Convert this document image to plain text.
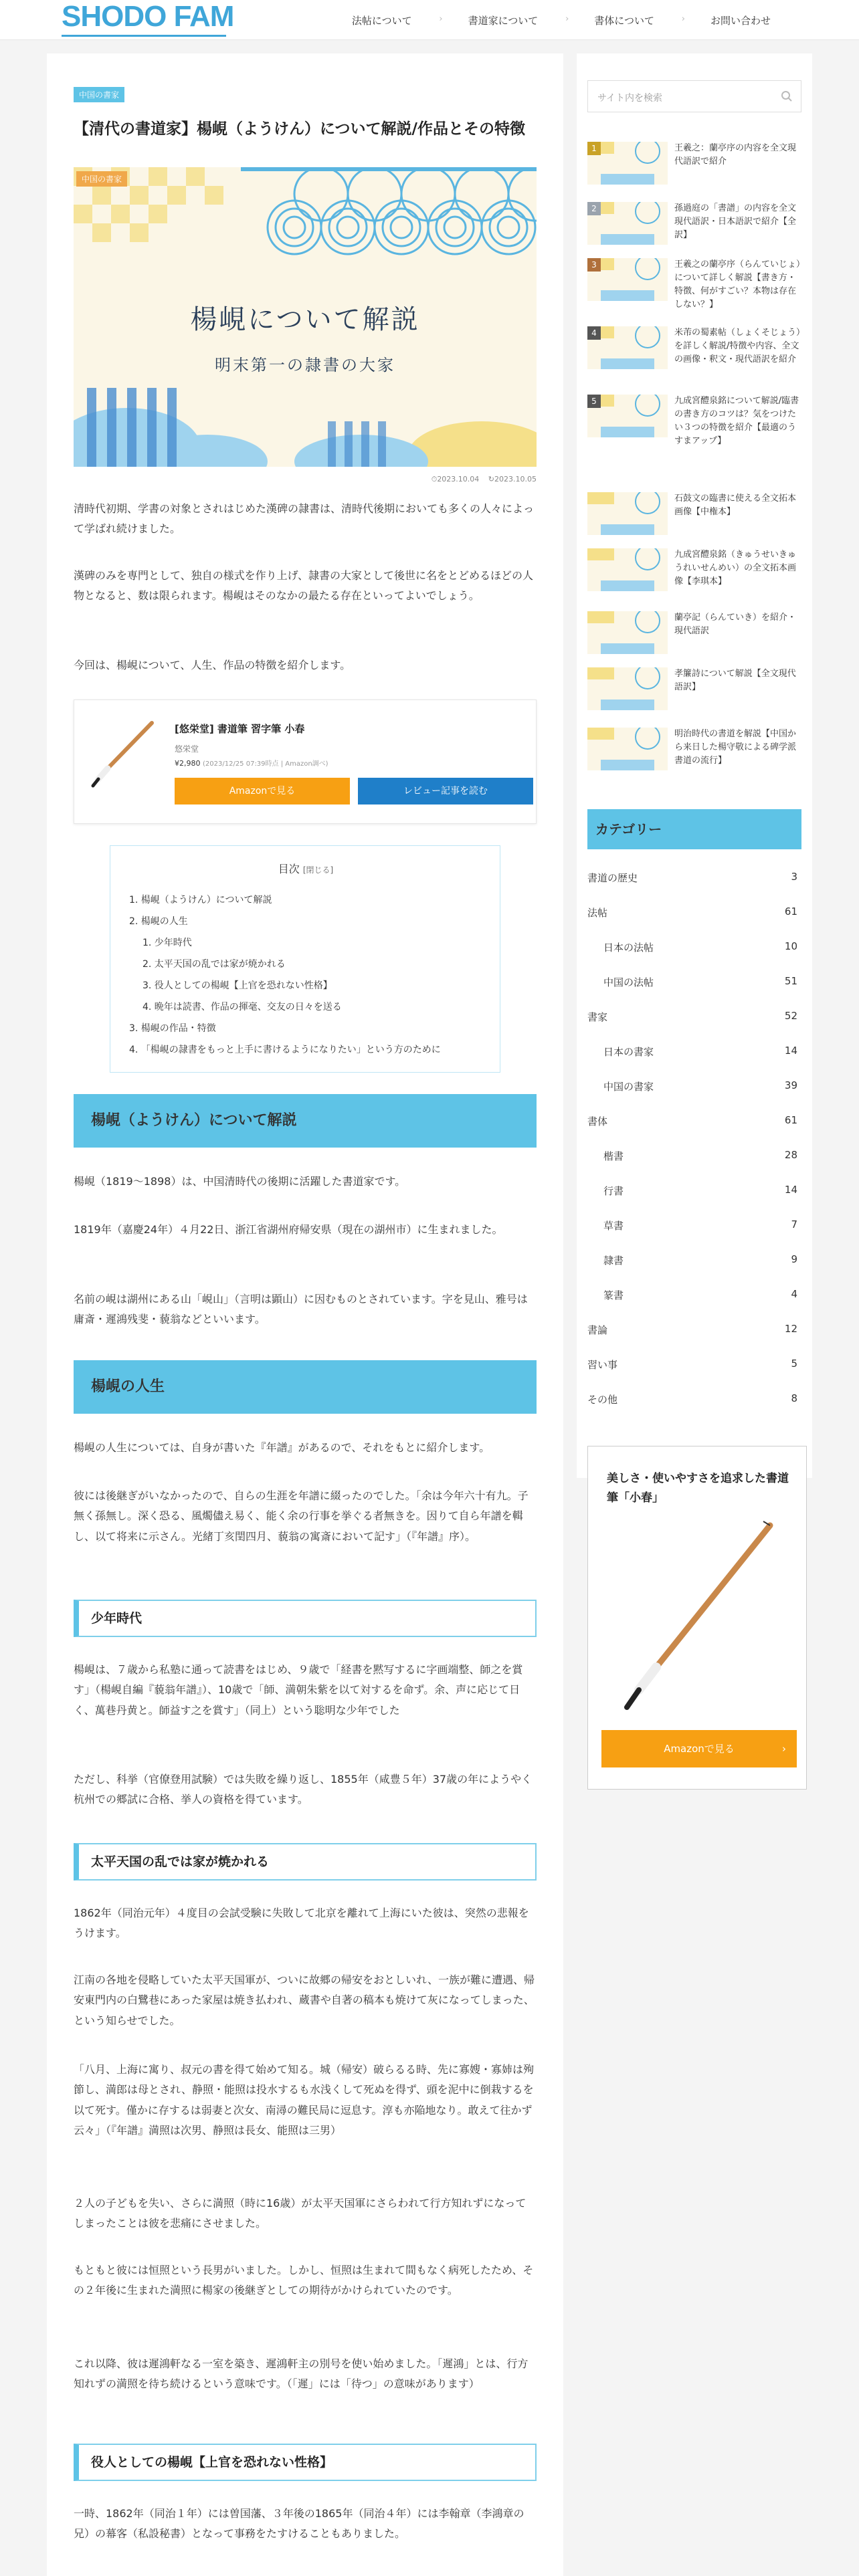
SHODO FAM	法帖について	›	書道家について	›	書体について	›	お問い合わせ
中国の書家
【清代の書道家】楊峴（ようけん）について解説/作品とその特徴
中国の書家
楊峴について解説
明末第一の隷書の大家
⏱2023.10.04 ↻2023.10.05

清時代初期、学書の対象とされはじめた漢碑の隷書は、清時代後期においても多くの人々によって学ばれ続けました。

漢碑のみを専門として、独自の様式を作り上げ、隷書の大家として後世に名をとどめるほどの人物となると、数は限られます。楊峴はそのなかの最たる存在といってよいでしょう。

今回は、楊峴について、人生、作品の特徴を紹介します。

[悠栄堂] 書道筆 習字筆 小春
悠栄堂
¥2,980 (2023/12/25 07:39時点 | Amazon調べ)
Amazonで見る	レビュー記事を読む
目次 [閉じる]
1. 楊峴（ようけん）について解説
2. 楊峴の人生
1. 少年時代
2. 太平天国の乱では家が焼かれる
3. 役人としての楊峴【上官を恐れない性格】
4. 晩年は読書、作品の揮毫、交友の日々を送る
3. 楊峴の作品・特徴
4. 「楊峴の隷書をもっと上手に書けるようになりたい」という方のために
楊峴（ようけん）について解説

楊峴（1819〜1898）は、中国清時代の後期に活躍した書道家です。

1819年（嘉慶24年）４月22日、浙江省湖州府帰安県（現在の湖州市）に生まれました。

名前の峴は湖州にある山「峴山」（言明は顕山）に因むものとされています。字を見山、雅号は庸斎・遲鴻残斐・藐翁などといいます。

楊峴の人生

楊峴の人生については、自身が書いた『年譜』があるので、それをもとに紹介します。

彼には後継ぎがいなかったので、自らの生涯を年譜に綴ったのでした。「余は今年六十有九。子無く孫無し。深く恐る、風燭儘え易く、能く余の行事を挙ぐる者無きを。因りて自ら年譜を輯し、以て将来に示さん。光緒丁亥閏四月、藐翁の寓斎において記す」（『年譜』序）。

少年時代

楊峴は、７歳から私塾に通って読書をはじめ、９歳で「経書を黙写するに字画端整、師之を賞す」（楊峴自編『藐翁年譜』）、10歳で「師、満朝朱紫を以て対するを命ず。余、声に応じて日く、萬巷丹黄と。師益す之を賞す」（同上）という聡明な少年でした

ただし、科挙（官僚登用試験）では失敗を繰り返し、1855年（咸豊５年）37歳の年にようやく杭州での郷試に合格、挙人の資格を得ています。

太平天国の乱では家が焼かれる

1862年（同治元年）４度目の会試受験に失敗して北京を離れて上海にいた彼は、突然の悲報をうけます。

江南の各地を侵略していた太平天国軍が、ついに故郷の帰安をおとしいれ、一族が難に遭遇、帰安東門内の白鷺巷にあった家屋は焼き払われ、蔵書や自著の稿本も焼けて灰になってしまった、という知らせでした。

「八月、上海に寓り、叔元の書を得て始めて知る。城（帰安）破らるる時、先に寡嫂・寡姉は殉節し、満郎は母とされ、静照・能照は投水するも水浅くして死ぬを得ず、頭を泥中に倒栽するを以て死す。僅かに存するは弱妻と次女、南潯の難民局に逗息す。淳も亦陥地なり。敢えて往かず云々」（『年譜』満照は次男、静照は長女、能照は三男）

２人の子どもを失い、さらに満照（時に16歳）が太平天国軍にさらわれて行方知れずになってしまったことは彼を悲痛にさせました。

もともと彼には恒照という長男がいました。しかし、恒照は生まれて間もなく病死したため、その２年後に生まれた満照に楊家の後継ぎとしての期待がかけられていたのです。

これ以降、彼は遲鴻軒なる一室を築き、遲鴻軒主の別号を使い始めました。「遲鴻」とは、行方知れずの満照を待ち続けるという意味です。（「遲」には「待つ」の意味があります）

役人としての楊峴【上官を恐れない性格】

一時、1862年（同治１年）には曽国藩、３年後の1865年（同治４年）には李翰章（李鴻章の兄）の幕客（私設秘書）となって事務をたすけることもありました。

サイト内を検索
1	王羲之：蘭亭序の内容を全文現代語訳で紹介
2	孫過庭の「書譜」の内容を全文現代語訳・日本語訳で紹介【全訳】
3	王羲之の蘭亭序（らんていじょ）について詳しく解説【書き方・特徴、何がすごい？本物は存在しない？】
4	米芾の蜀素帖（しょくそじょう）を詳しく解説/特徴や内容、全文の画像・釈文・現代語訳を紹介
5	九成宮醴泉銘について解説/臨書の書き方のコツは？気をつけたい３つの特徴を紹介【最適のうすまアップ】
石鼓文の臨書に使える全文拓本画像【中権本】
九成宮醴泉銘（きゅうせいきゅうれいせんめい）の全文拓本画像【李琪本】
蘭亭記（らんていき）を紹介・現代語訳
孝簾詩について解説【全文現代語訳】
明治時代の書道を解説【中国から来日した楊守敬による碑学派書道の流行】
カテゴリー
書道の歴史	3
法帖	61
日本の法帖	10
中国の法帖	51
書家	52
日本の書家	14
中国の書家	39
書体	61
楷書	28
行書	14
草書	7
隷書	9
篆書	4
書論	12
習い事	5
その他	8
美しさ・使いやすさを追求した書道筆「小春」
Amazonで見る	›
